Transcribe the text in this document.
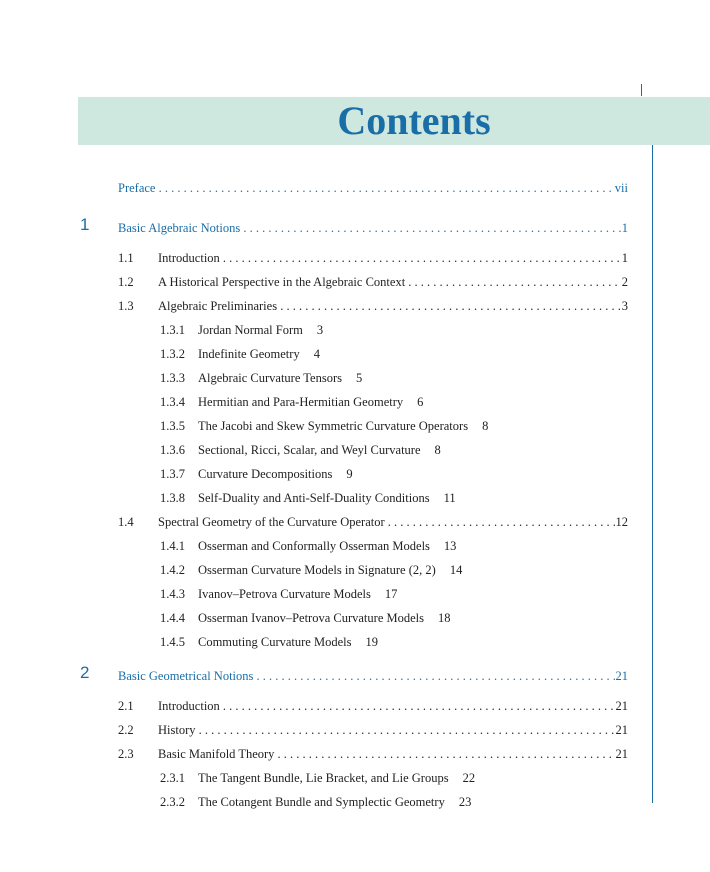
Contents
Preface . . .	vii
1 Basic Algebraic Notions . . .	1
1.1 Introduction . . .	1
1.2 A Historical Perspective in the Algebraic Context . . .	2
1.3 Algebraic Preliminaries . . .	3
1.3.1 Jordan Normal Form 3
1.3.2 Indefinite Geometry 4
1.3.3 Algebraic Curvature Tensors 5
1.3.4 Hermitian and Para-Hermitian Geometry 6
1.3.5 The Jacobi and Skew Symmetric Curvature Operators 8
1.3.6 Sectional, Ricci, Scalar, and Weyl Curvature 8
1.3.7 Curvature Decompositions 9
1.3.8 Self-Duality and Anti-Self-Duality Conditions 11
1.4 Spectral Geometry of the Curvature Operator . . .	12
1.4.1 Osserman and Conformally Osserman Models 13
1.4.2 Osserman Curvature Models in Signature (2, 2) 14
1.4.3 Ivanov–Petrova Curvature Models 17
1.4.4 Osserman Ivanov–Petrova Curvature Models 18
1.4.5 Commuting Curvature Models 19
2 Basic Geometrical Notions . . .	21
2.1 Introduction . . .	21
2.2 History . . .	21
2.3 Basic Manifold Theory . . .	21
2.3.1 The Tangent Bundle, Lie Bracket, and Lie Groups 22
2.3.2 The Cotangent Bundle and Symplectic Geometry 23
